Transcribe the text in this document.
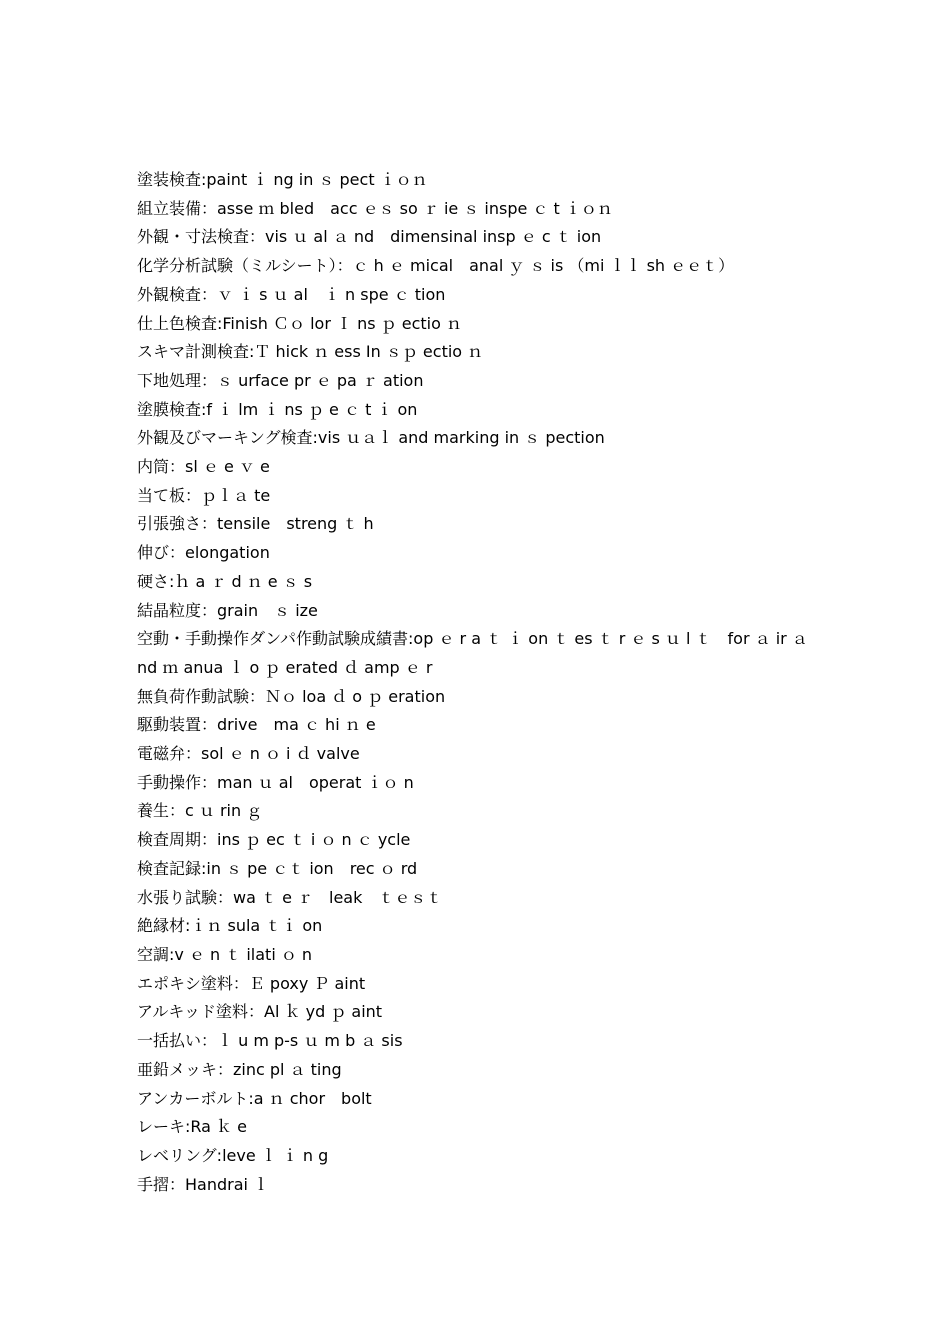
塗装検査:paint ｉ ng in ｓ pect ｉｏｎ
組立装備：asse ｍ bled　acc ｅｓ so ｒ ie ｓ inspe ｃ t ｉｏｎ
外観・寸法検査：vis ｕ al ａ nd　dimensinal insp ｅ c ｔ ion
化学分析試験（ミルシート）：ｃ h ｅ mical　anal ｙ ｓ is （mi ｌｌ sh ｅｅｔ）
外観検査：ｖ ｉ s ｕ al　ｉ n spe ｃ tion
仕上色検査:Finish Ｃｏ lor Ｉ ns ｐ ectio ｎ
スキマ計測検査:Ｔ hick ｎ ess In ｓｐ ectio ｎ
下地処理：ｓ urface pr ｅ pa ｒ ation
塗膜検査:f ｉ lm ｉ ns ｐ e ｃ t ｉ on
外観及びマーキング検査:vis ｕａｌ and marking in ｓ pection
内筒：sl ｅ e ｖ e
当て板：ｐｌａ te
引張強さ：tensile　streng ｔ h
伸び：elongation
硬さ:ｈ a ｒ d ｎ e ｓ s
結晶粒度：grain　ｓ ize
空動・手動操作ダンパ作動試験成績書:op ｅ r a ｔ ｉ on ｔ es ｔ r ｅ s ｕ l ｔ　for ａ ir ａ nd ｍ anua ｌ o ｐ erated ｄ amp ｅ r
無負荷作動試験：Ｎｏ loa ｄ o ｐ eration
駆動装置：drive　ma ｃ hi ｎ e
電磁弁：sol ｅ n ｏ i ｄ valve
手動操作：man ｕ al　operat ｉｏ n
養生：c ｕ rin ｇ
検査周期：ins ｐ ec ｔ i ｏ n ｃ ycle
検査記録:in ｓ pe ｃｔ ion　rec ｏ rd
水張り試験：wa ｔ e ｒ　leak　ｔｅｓｔ
絶縁材:ｉｎ sula ｔｉ on
空調:v ｅ n ｔ ilati ｏ n
エポキシ塗料：Ｅ poxy Ｐ aint
アルキッド塗料：Al ｋ yd ｐ aint
一括払い：ｌ u m p-s ｕ m b ａ sis
亜鉛メッキ：zinc pl ａ ting
アンカーボルト:a ｎ chor　bolt
レーキ:Ra ｋ e
レベリング:leve ｌ ｉ n g
手摺：Handrai ｌ
